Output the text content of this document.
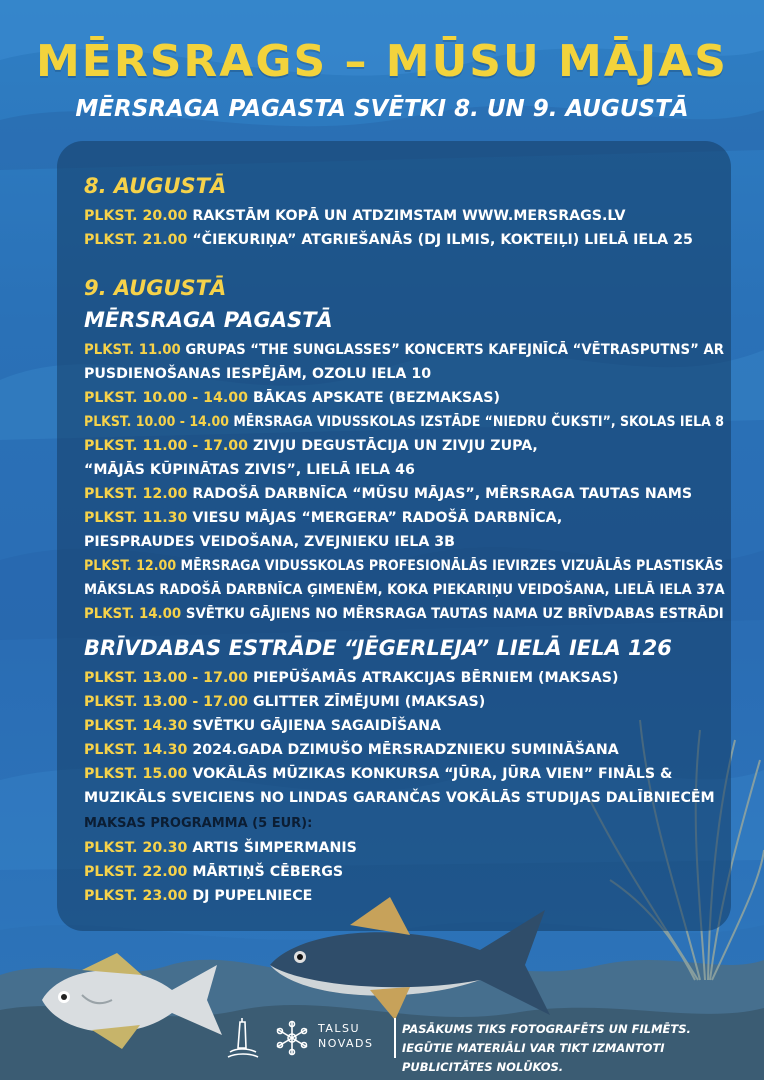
MĒRSRAGS – MŪSU MĀJAS
MĒRSRAGA PAGASTA SVĒTKI 8. UN 9. AUGUSTĀ
8. AUGUSTĀ
PLKST. 20.00 RAKSTĀM KOPĀ UN ATDZIMSTAM WWW.MERSRAGS.LV
PLKST. 21.00 “ČIEKURIŅA” ATGRIEŠANĀS (DJ ILMIS, KOKTEIĻI) LIELĀ IELA 25
9. AUGUSTĀ
MĒRSRAGA PAGASTĀ
PLKST. 11.00 GRUPAS “THE SUNGLASSES” KONCERTS KAFEJNĪCĀ “VĒTRASPUTNS” AR
PUSDIENOŠANAS IESPĒJĀM, OZOLU IELA 10
PLKST. 10.00 - 14.00 BĀKAS APSKATE (BEZMAKSAS)
PLKST. 10.00 - 14.00 MĒRSRAGA VIDUSSKOLAS IZSTĀDE “NIEDRU ČUKSTI”, SKOLAS IELA 8
PLKST. 11.00 - 17.00 ZIVJU DEGUSTĀCIJA UN ZIVJU ZUPA,
“MĀJĀS KŪPINĀTAS ZIVIS”, LIELĀ IELA 46
PLKST. 12.00 RADOŠĀ DARBNĪCA “MŪSU MĀJAS”, MĒRSRAGA TAUTAS NAMS
PLKST. 11.30 VIESU MĀJAS “MERGERA” RADOŠĀ DARBNĪCA,
PIESPRAUDES VEIDOŠANA, ZVEJNIEKU IELA 3B
PLKST. 12.00 MĒRSRAGA VIDUSSKOLAS PROFESIONĀLĀS IEVIRZES VIZUĀLĀS PLASTISKĀS
MĀKSLAS RADOŠĀ DARBNĪCA ĢIMENĒM, KOKA PIEKARIŅU VEIDOŠANA, LIELĀ IELA 37A
PLKST. 14.00 SVĒTKU GĀJIENS NO MĒRSRAGA TAUTAS NAMA UZ BRĪVDABAS ESTRĀDI
BRĪVDABAS ESTRĀDE “JĒGERLEJA” LIELĀ IELA 126
PLKST. 13.00 - 17.00 PIEPŪŠAMĀS ATRAKCIJAS BĒRNIEM (MAKSAS)
PLKST. 13.00 - 17.00 GLITTER ZĪMĒJUMI (MAKSAS)
PLKST. 14.30 SVĒTKU GĀJIENA SAGAIDĪŠANA
PLKST. 14.30 2024.GADA DZIMUŠO MĒRSRADZNIEKU SUMINĀŠANA
PLKST. 15.00 VOKĀLĀS MŪZIKAS KONKURSA “JŪRA, JŪRA VIEN” FINĀLS &
MUZIKĀLS SVEICIENS NO LINDAS GARANČAS VOKĀLĀS STUDIJAS DALĪBNIECĒM
MAKSAS PROGRAMMA (5 EUR):
PLKST. 20.30 ARTIS ŠIMPERMANIS
PLKST. 22.00 MĀRTIŅŠ CĒBERGS
PLKST. 23.00 DJ PUPELNIECE
TALSU
NOVADS
PASĀKUMS TIKS FOTOGRAFĒTS UN FILMĒTS. IEGŪTIE MATERIĀLI VAR TIKT IZMANTOTI PUBLICITĀTES NOLŪKOS.
